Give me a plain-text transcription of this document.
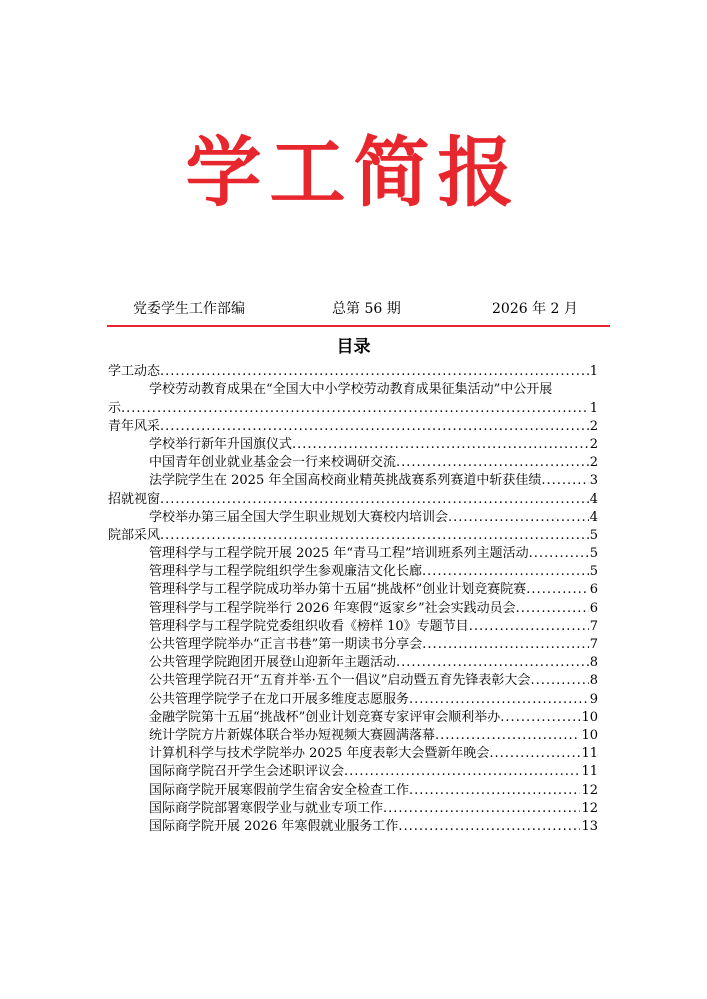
学工简报
党委学生工作部编	总第 56 期	2026 年 2 月
目录
学工动态 .....	1
学校劳动教育成果在“全国大中小学校劳动教育成果征集活动”中公开展
示 .....	1
青年风采 .....	2
学校举行新年升国旗仪式 .....	2
中国青年创业就业基金会一行来校调研交流 .....	2
法学院学生在 2025 年全国高校商业精英挑战赛系列赛道中斩获佳绩 .....	3
招就视窗 .....	4
学校举办第三届全国大学生职业规划大赛校内培训会 .....	4
院部采风 .....	5
管理科学与工程学院开展 2025 年“青马工程”培训班系列主题活动 .....	5
管理科学与工程学院组织学生参观廉洁文化长廊 .....	5
管理科学与工程学院成功举办第十五届“挑战杯”创业计划竞赛院赛 .....	6
管理科学与工程学院举行 2026 年寒假“返家乡”社会实践动员会 .....	6
管理科学与工程学院党委组织收看《榜样 10》专题节目 .....	7
公共管理学院举办“正言书巷”第一期读书分享会 .....	7
公共管理学院跑团开展登山迎新年主题活动 .....	8
公共管理学院召开“五育并举·五个一倡议”启动暨五育先锋表彰大会 .....	8
公共管理学院学子在龙口开展多维度志愿服务 .....	9
金融学院第十五届“挑战杯”创业计划竞赛专家评审会顺利举办 .....	10
统计学院方片新媒体联合举办短视频大赛圆满落幕 .....	10
计算机科学与技术学院举办 2025 年度表彰大会暨新年晚会 .....	11
国际商学院召开学生会述职评议会 .....	11
国际商学院开展寒假前学生宿舍安全检查工作 .....	12
国际商学院部署寒假学业与就业专项工作 .....	12
国际商学院开展 2026 年寒假就业服务工作 .....	13
